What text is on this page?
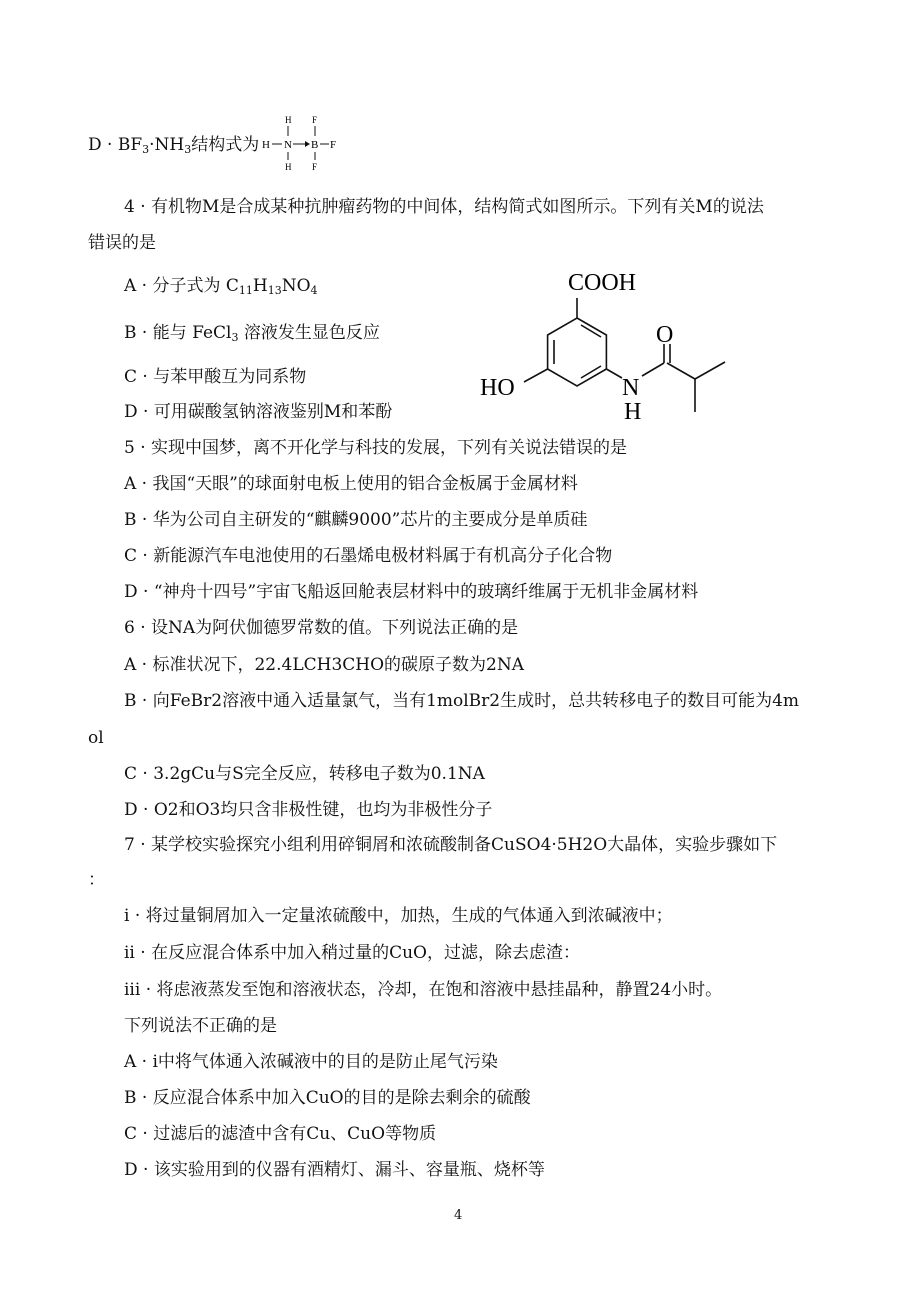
$D \cdot BF_3\cdot NH_3$结构式为 H N B F
H
H
F
F
4 · 有机物M是合成某种抗肿瘤药物的中间体，结构简式如图所示。下列有关M的说法
错误的是
A · 分子式为 $C_{11}H_{13}NO_4$
B · 能与 FeCl$_3$ 溶液发生显色反应
C · 与苯甲酸互为同系物
D · 可用碳酸氢钠溶液鉴别M和苯酚
COOH
HO	N
H
O
5 · 实现中国梦，离不开化学与科技的发展，下列有关说法错误的是
A · 我国“天眼”的球面射电板上使用的铝合金板属于金属材料
B · 华为公司自主研发的“麒麟9000”芯片的主要成分是单质硅
C · 新能源汽车电池使用的石墨烯电极材料属于有机高分子化合物
D · “神舟十四号”宇宙飞船返回舱表层材料中的玻璃纤维属于无机非金属材料
6 · 设NA为阿伏伽德罗常数的值。下列说法正确的是
A · 标准状况下，22.4LCH3CHO的碳原子数为2NA
B · 向FeBr2溶液中通入适量氯气，当有1molBr2生成时，总共转移电子的数目可能为4m
ol
C · 3.2gCu与S完全反应，转移电子数为0.1NA
D · O2和O3均只含非极性键，也均为非极性分子
7 · 某学校实验探究小组利用碎铜屑和浓硫酸制备CuSO4·5H2O大晶体，实验步骤如下
：
i · 将过量铜屑加入一定量浓硫酸中，加热，生成的气体通入到浓碱液中；
ii · 在反应混合体系中加入稍过量的CuO，过滤，除去虑渣：
iii · 将虑液蒸发至饱和溶液状态，冷却，在饱和溶液中悬挂晶种，静置24小时。
下列说法不正确的是
A · i中将气体通入浓碱液中的目的是防止尾气污染
B · 反应混合体系中加入CuO的目的是除去剩余的硫酸
C · 过滤后的滤渣中含有Cu、CuO等物质
D · 该实验用到的仪器有酒精灯、漏斗、容量瓶、烧杯等
4
